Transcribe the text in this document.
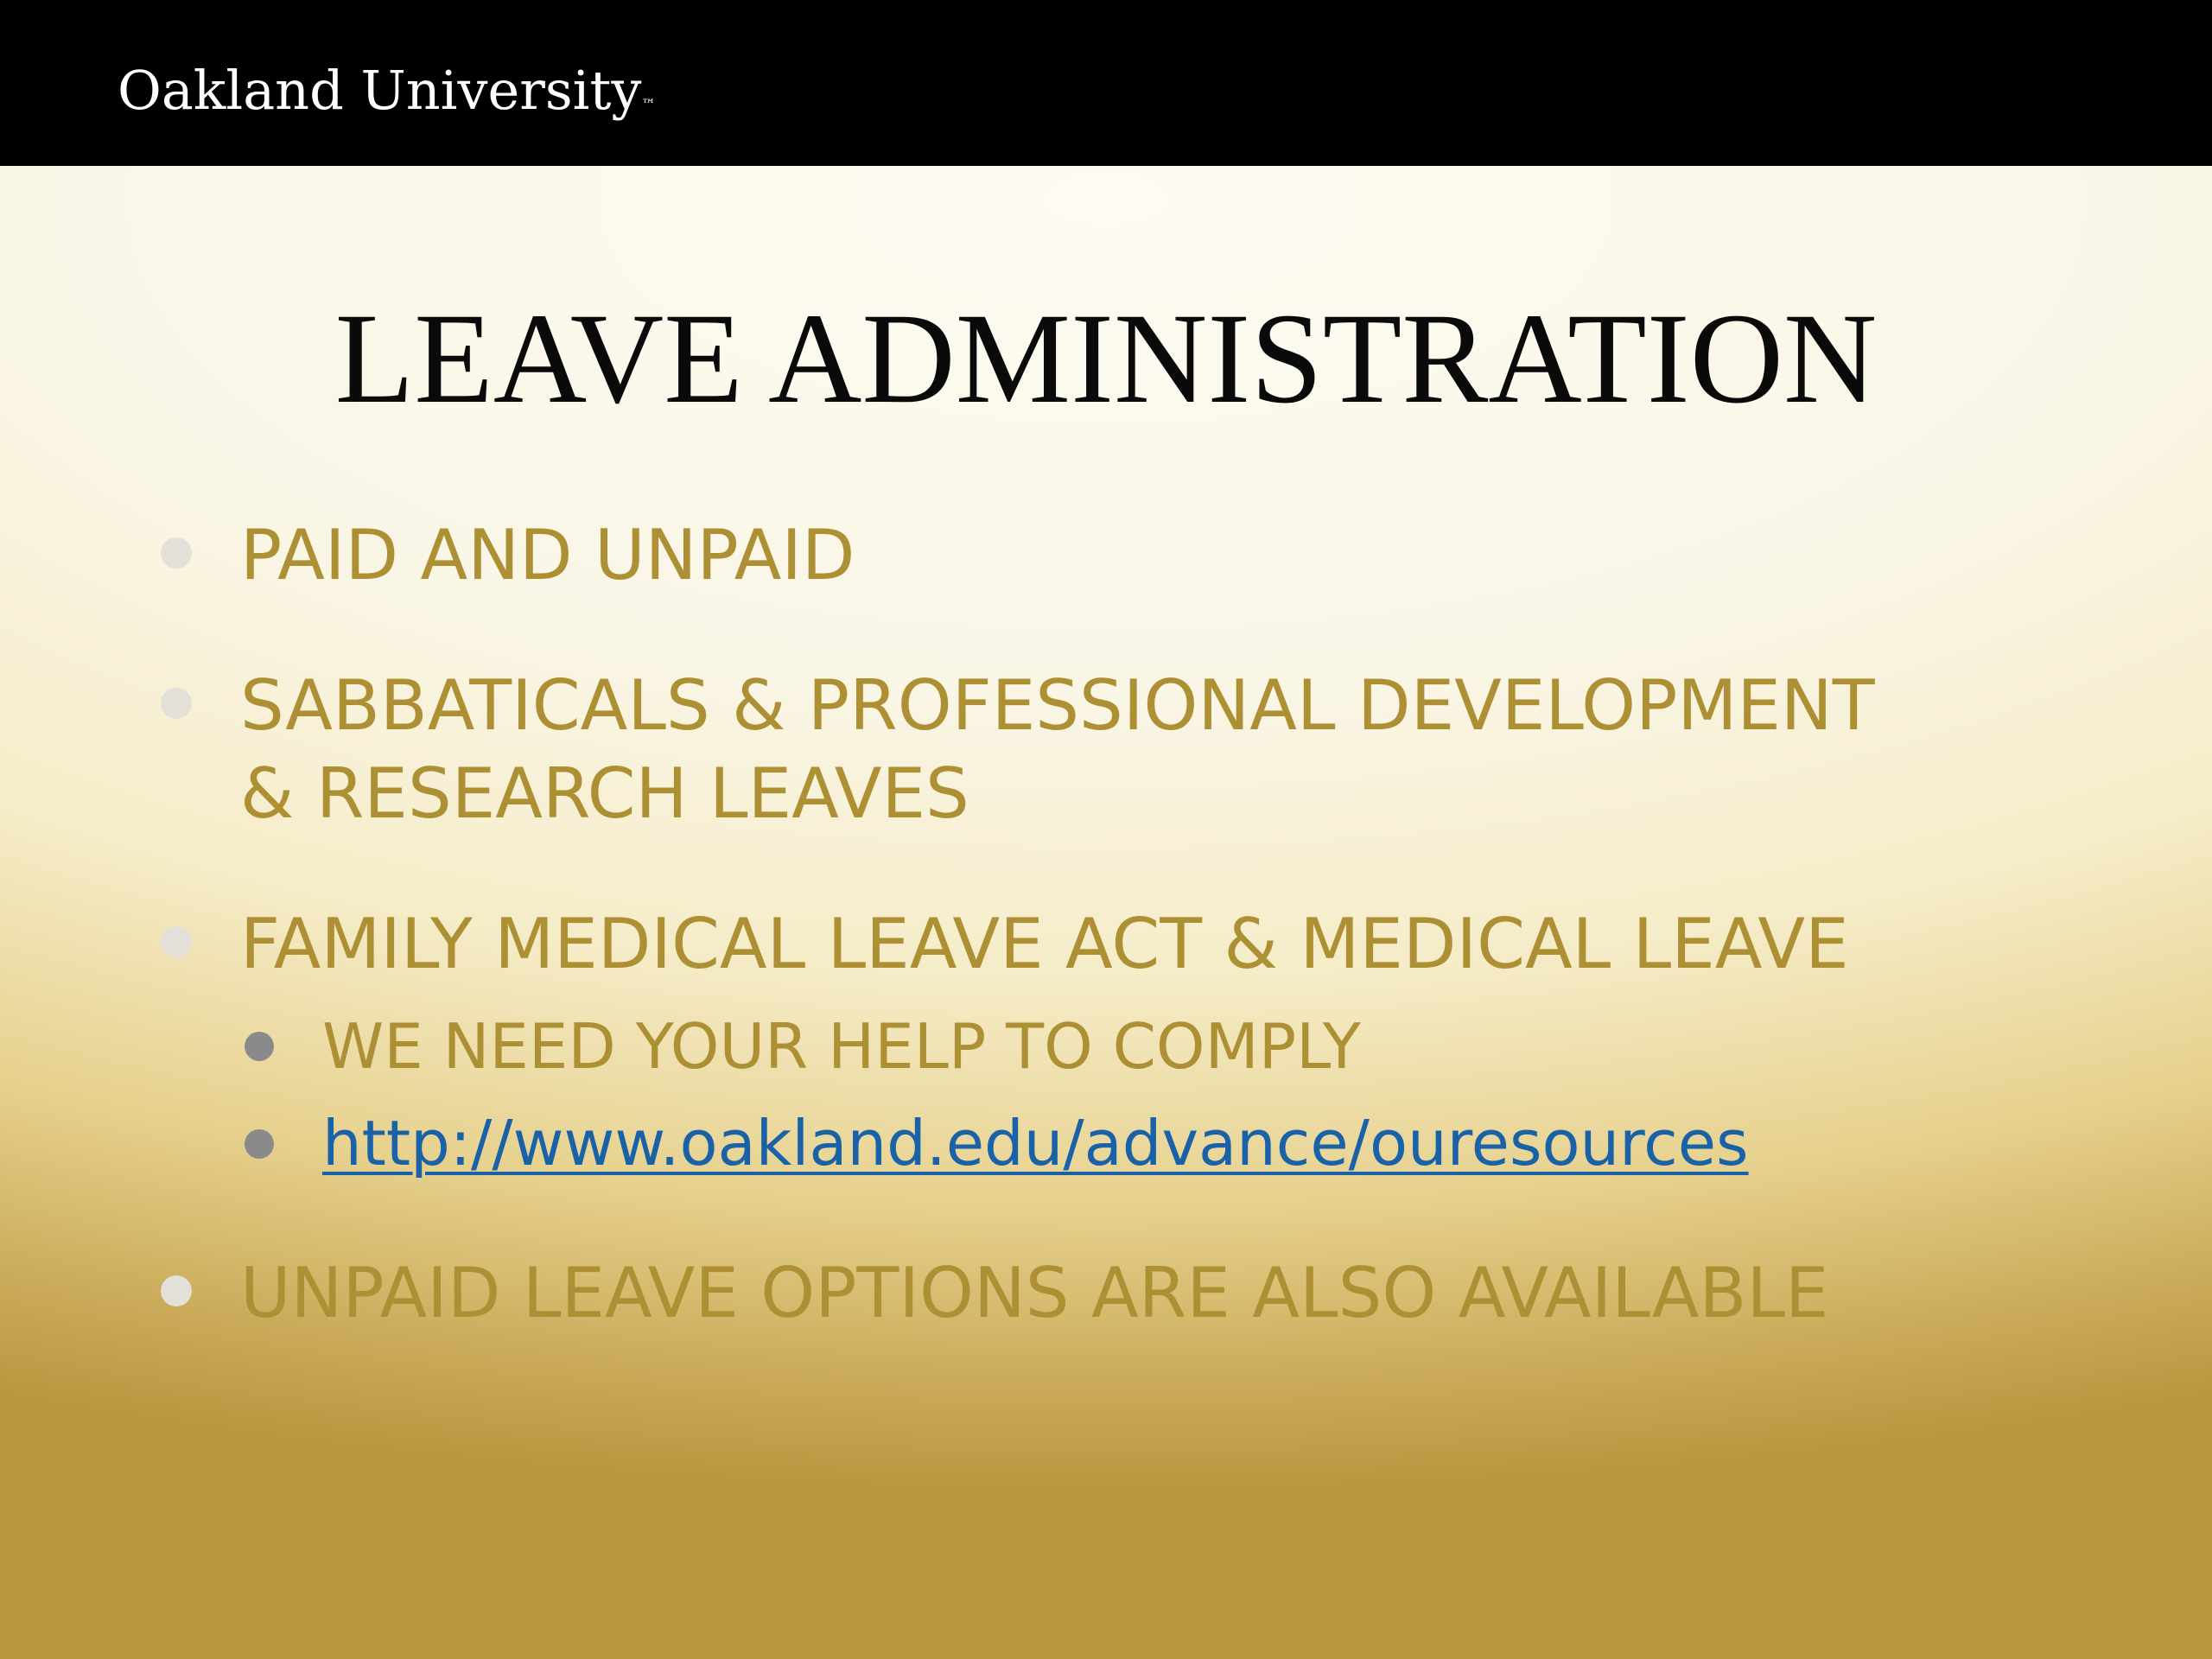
Oakland University™
LEAVE ADMINISTRATION
PAID AND UNPAID
SABBATICALS & PROFESSIONAL DEVELOPMENT
& RESEARCH LEAVES
FAMILY MEDICAL LEAVE ACT & MEDICAL LEAVE
WE NEED YOUR HELP TO COMPLY
http://www.oakland.edu/advance/ouresources
UNPAID LEAVE OPTIONS ARE ALSO AVAILABLE
